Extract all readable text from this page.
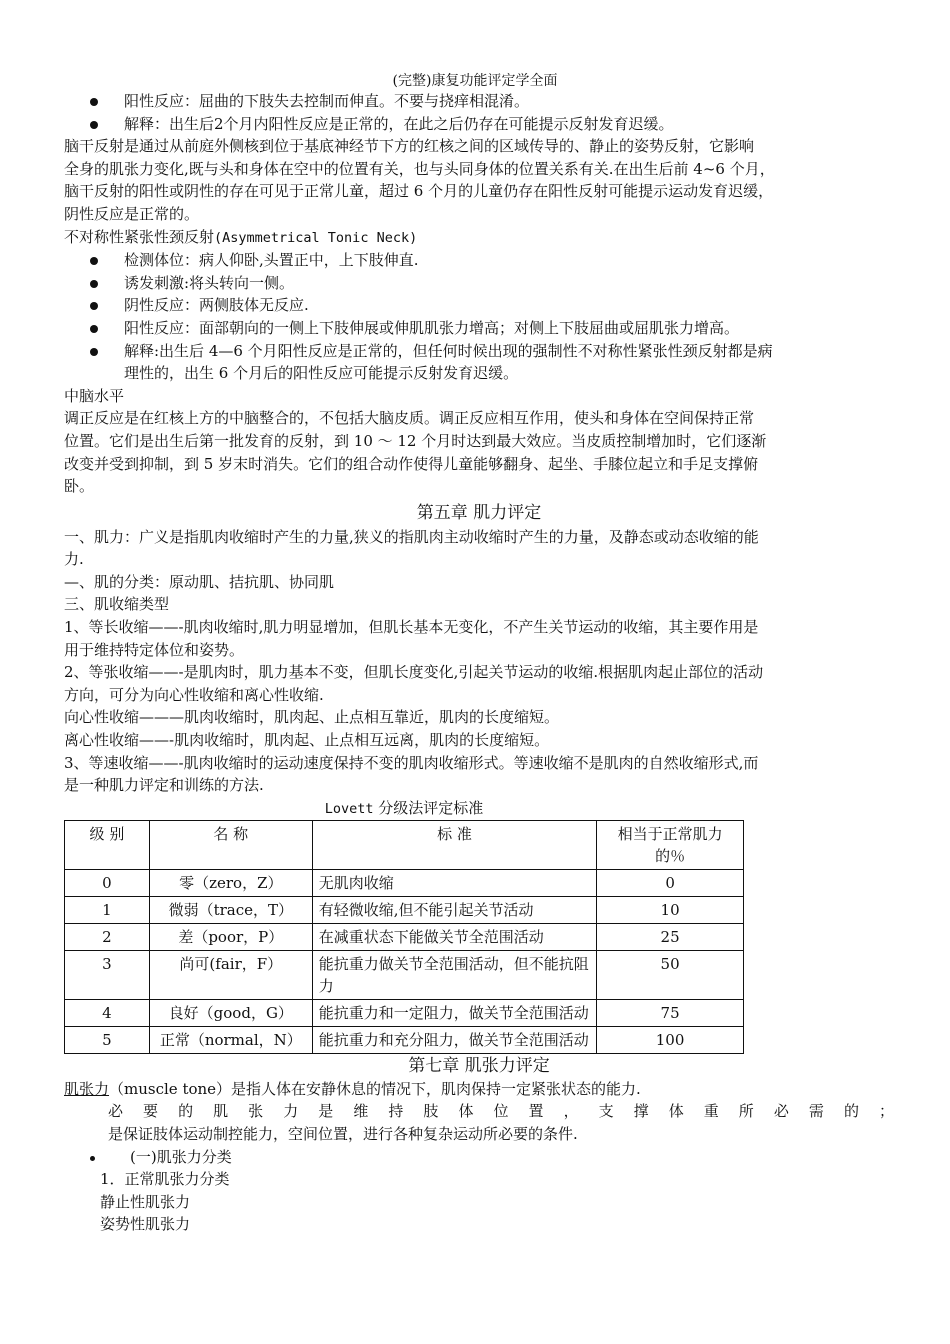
(完整)康复功能评定学全面
阳性反应：屈曲的下肢失去控制而伸直。不要与挠痒相混淆。
解释：出生后2个月内阳性反应是正常的，在此之后仍存在可能提示反射发育迟缓。
脑干反射是通过从前庭外侧核到位于基底神经节下方的红核之间的区域传导的、静止的姿势反射，它影响
全身的肌张力变化,既与头和身体在空中的位置有关，也与头同身体的位置关系有关.在出生后前 4~6 个月，
脑干反射的阳性或阴性的存在可见于正常儿童，超过 6 个月的儿童仍存在阳性反射可能提示运动发育迟缓，
阴性反应是正常的。
不对称性紧张性颈反射(Asymmetrical Tonic Neck)
检测体位：病人仰卧,头置正中，上下肢伸直.
诱发刺激:将头转向一侧。
阴性反应：两侧肢体无反应.
阳性反应：面部朝向的一侧上下肢伸展或伸肌肌张力增高；对侧上下肢屈曲或屈肌张力增高。
解释:出生后 4—6 个月阳性反应是正常的，但任何时候出现的强制性不对称性紧张性颈反射都是病
理性的，出生 6 个月后的阳性反应可能提示反射发育迟缓。
中脑水平
调正反应是在红核上方的中脑整合的，不包括大脑皮质。调正反应相互作用，使头和身体在空间保持正常
位置。它们是出生后第一批发育的反射，到 10 ～ 12 个月时达到最大效应。当皮质控制增加时，它们逐渐
改变并受到抑制，到 5 岁末时消失。它们的组合动作使得儿童能够翻身、起坐、手膝位起立和手足支撑俯
卧。
第五章 肌力评定
一、肌力：广义是指肌肉收缩时产生的力量,狭义的指肌肉主动收缩时产生的力量，及静态或动态收缩的能
力.
—、肌的分类：原动肌、拮抗肌、协同肌
三、肌收缩类型
1、等长收缩——-肌肉收缩时,肌力明显增加，但肌长基本无变化，不产生关节运动的收缩，其主要作用是
用于维持特定体位和姿势。
2、等张收缩——-是肌肉时，肌力基本不变，但肌长度变化,引起关节运动的收缩.根据肌肉起止部位的活动
方向，可分为向心性收缩和离心性收缩.
向心性收缩———肌肉收缩时，肌肉起、止点相互靠近，肌肉的长度缩短。
离心性收缩——-肌肉收缩时，肌肉起、止点相互远离，肌肉的长度缩短。
3、等速收缩——-肌肉收缩时的运动速度保持不变的肌肉收缩形式。等速收缩不是肌肉的自然收缩形式,而
是一种肌力评定和训练的方法.
Lovett 分级法评定标准
级 别	名 称	标 准	相当于正常肌力的％
0	零（zero，Z）	无肌肉收缩	0
1	微弱（trace，T）	有轻微收缩,但不能引起关节活动	10
2	差（poor，P）	在减重状态下能做关节全范围活动	25
3	尚可(fair，F）	能抗重力做关节全范围活动，但不能抗阻力	50
4	良好（good，G）	能抗重力和一定阻力，做关节全范围活动	75
5	正常（normal，N）	能抗重力和充分阻力，做关节全范围活动	100
第七章 肌张力评定
肌张力（muscle tone）是指人体在安静休息的情况下，肌肉保持一定紧张状态的能力.
必要的肌张力是维持肢体位置，支撑体重所必需的；
是保证肢体运动制控能力，空间位置，进行各种复杂运动所必要的条件.
(一)肌张力分类
1．正常肌张力分类
静止性肌张力
姿势性肌张力
